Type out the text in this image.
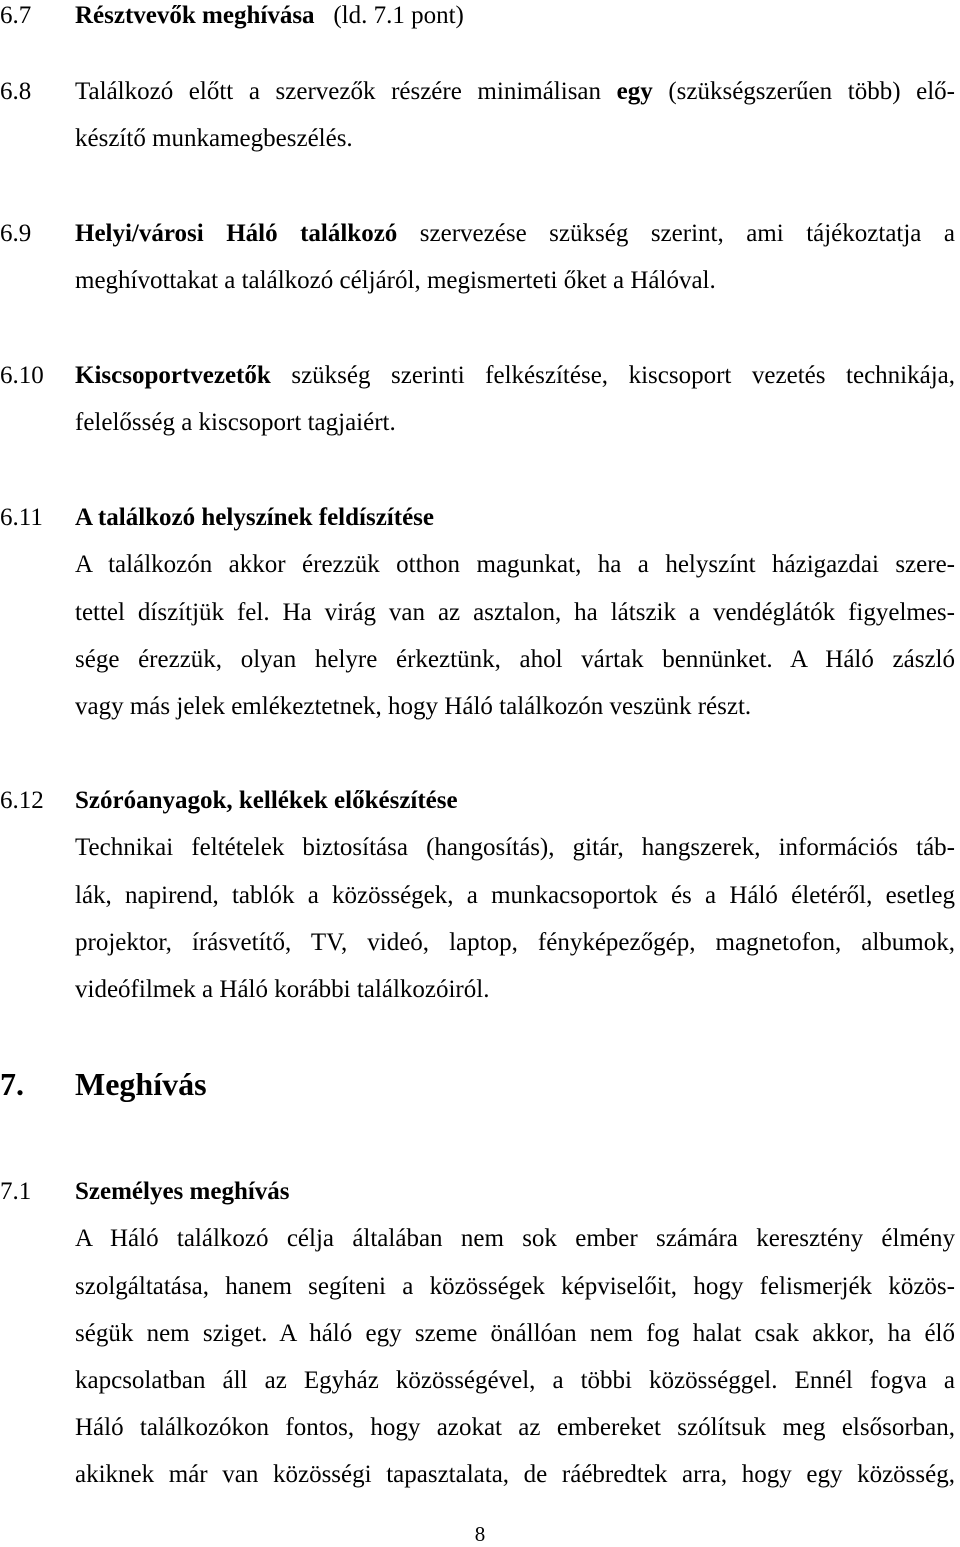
6.7 Résztvevők meghívása (ld. 7.1 pont)
6.8 Találkozó előtt a szervezők részére minimálisan egy (szükségszerűen több) elő-
készítő munkamegbeszélés.
6.9 Helyi/városi Háló találkozó szervezése szükség szerint, ami tájékoztatja a
meghívottakat a találkozó céljáról, megismerteti őket a Hálóval.
6.10 Kiscsoportvezetők szükség szerinti felkészítése, kiscsoport vezetés technikája,
felelősség a kiscsoport tagjaiért.
6.11 A találkozó helyszínek feldíszítése
A találkozón akkor érezzük otthon magunkat, ha a helyszínt házigazdai szere-
tettel díszítjük fel. Ha virág van az asztalon, ha látszik a vendéglátók figyelmes-
sége érezzük, olyan helyre érkeztünk, ahol vártak bennünket. A Háló zászló
vagy más jelek emlékeztetnek, hogy Háló találkozón veszünk részt.
6.12 Szóróanyagok, kellékek előkészítése
Technikai feltételek biztosítása (hangosítás), gitár, hangszerek, információs táb-
lák, napirend, tablók a közösségek, a munkacsoportok és a Háló életéről, esetleg
projektor, írásvetítő, TV, videó, laptop, fényképezőgép, magnetofon, albumok,
videófilmek a Háló korábbi találkozóiról.
7. Meghívás
7.1 Személyes meghívás
A Háló találkozó célja általában nem sok ember számára keresztény élmény
szolgáltatása, hanem segíteni a közösségek képviselőit, hogy felismerjék közös-
ségük nem sziget. A háló egy szeme önállóan nem fog halat csak akkor, ha élő
kapcsolatban áll az Egyház közösségével, a többi közösséggel. Ennél fogva a
Háló találkozókon fontos, hogy azokat az embereket szólítsuk meg elsősorban,
akiknek már van közösségi tapasztalata, de ráébredtek arra, hogy egy közösség,
8
